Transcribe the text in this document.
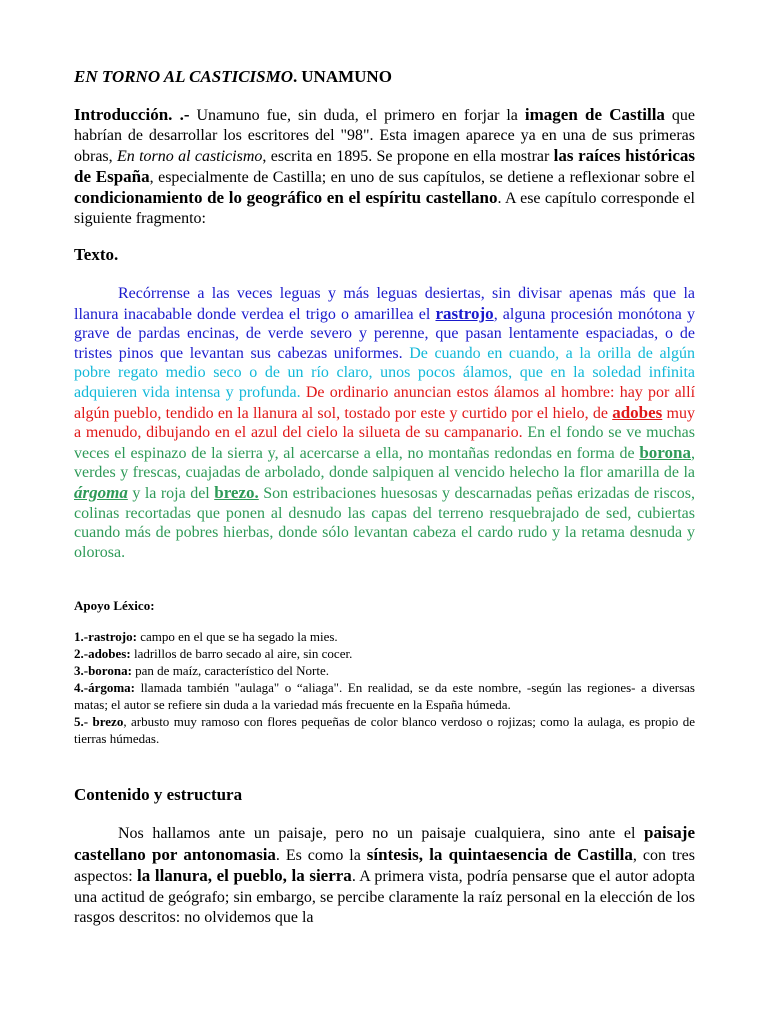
EN TORNO AL CASTICISMO. UNAMUNO
Introducción. .- Unamuno fue, sin duda, el primero en forjar la imagen de Castilla que habrían de desarrollar los escritores del "98". Esta imagen aparece ya en una de sus primeras obras, En torno al casticismo, escrita en 1895. Se propone en ella mostrar las raíces históricas de España, especialmente de Castilla; en uno de sus capítulos, se detiene a reflexionar sobre el condicionamiento de lo geográfico en el espíritu castellano. A ese capítulo corresponde el siguiente fragmento:
Texto.
Recórrense a las veces leguas y más leguas desiertas, sin divisar apenas más que la llanura inacabable donde verdea el trigo o amarillea el rastrojo, alguna procesión monótona y grave de pardas encinas, de verde severo y perenne, que pasan lentamente espaciadas, o de tristes pinos que levantan sus cabezas uniformes. De cuando en cuando, a la orilla de algún pobre regato medio seco o de un río claro, unos pocos álamos, que en la soledad infinita adquieren vida intensa y profunda. De ordinario anuncian estos álamos al hombre: hay por allí algún pueblo, tendido en la llanura al sol, tostado por este y curtido por el hielo, de adobes muy a menudo, dibujando en el azul del cielo la silueta de su campanario. En el fondo se ve muchas veces el espinazo de la sierra y, al acercarse a ella, no montañas redondas en forma de borona, verdes y frescas, cuajadas de arbolado, donde salpiquen al vencido helecho la flor amarilla de la árgoma y la roja del brezo. Son estribaciones huesosas y descarnadas peñas erizadas de riscos, colinas recortadas que ponen al desnudo las capas del terreno resquebrajado de sed, cubiertas cuando más de pobres hierbas, donde sólo levantan cabeza el cardo rudo y la retama desnuda y olorosa.
Apoyo Léxico:

1.-rastrojo: campo en el que se ha segado la mies.

2.-adobes: ladrillos de barro secado al aire, sin cocer.

3.-borona: pan de maíz, característico del Norte.

4.-árgoma: llamada también "aulaga" o “aliaga". En realidad, se da este nombre, -según las regiones- a diversas matas; el autor se refiere sin duda a la variedad más frecuente en la España húmeda.

5.- brezo, arbusto muy ramoso con flores pequeñas de color blanco verdoso o rojizas; como la aulaga, es propio de tierras húmedas.

Contenido y estructura
Nos hallamos ante un paisaje, pero no un paisaje cualquiera, sino ante el paisaje castellano por antonomasia. Es como la síntesis, la quintaesencia de Castilla, con tres aspectos: la llanura, el pueblo, la sierra. A primera vista, podría pensarse que el autor adopta una actitud de geógrafo; sin embargo, se percibe claramente la raíz personal en la elección de los rasgos descritos: no olvidemos que la
